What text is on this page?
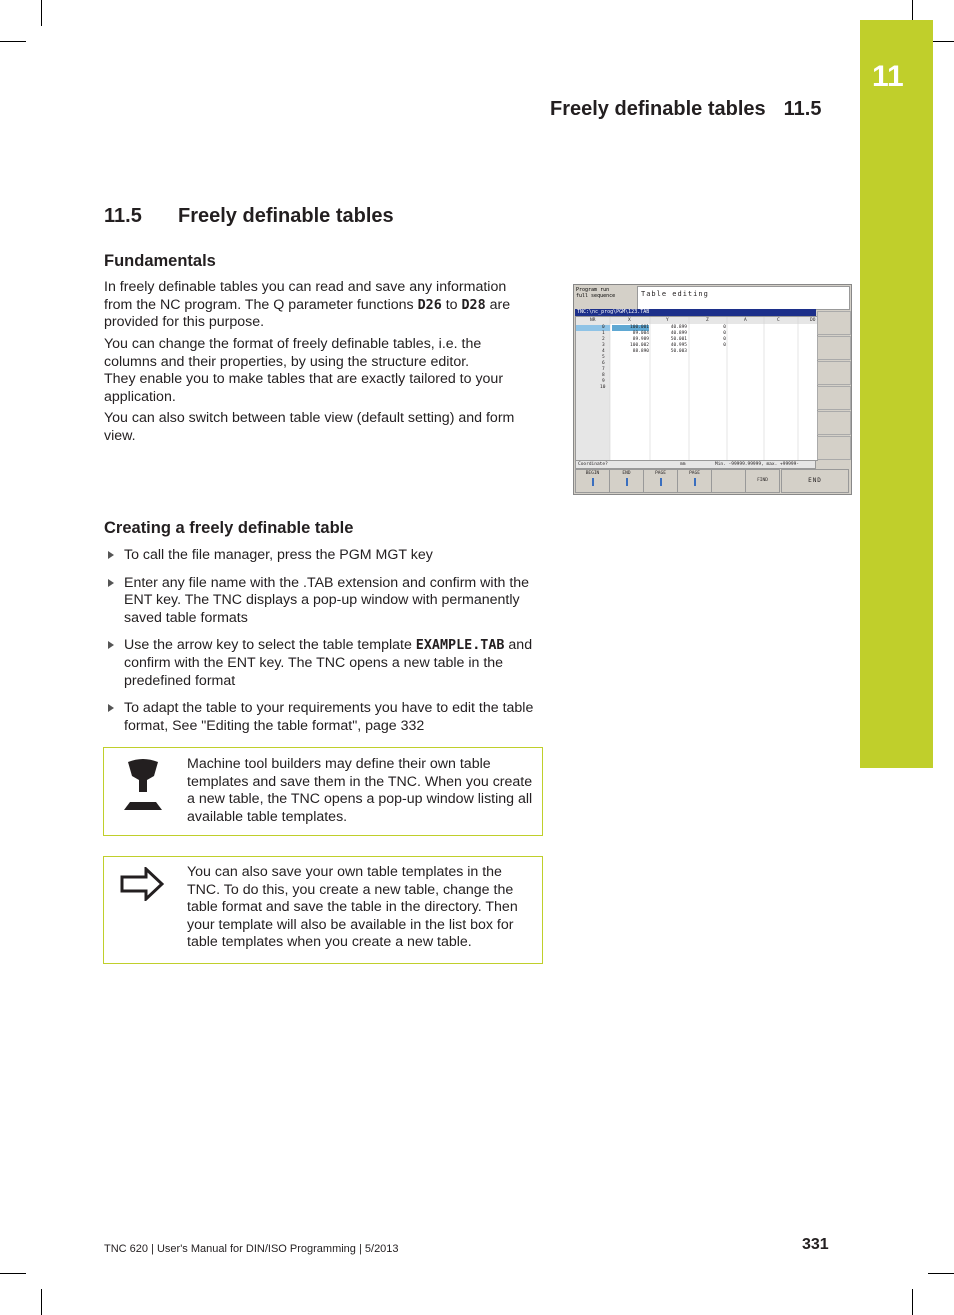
11
Freely definable tables 11.5
11.5 Freely definable tables
Fundamentals
In freely definable tables you can read and save any information from the NC program. The Q parameter functions D26 to D28 are provided for this purpose.
You can change the format of freely definable tables, i.e. the columns and their properties, by using the structure editor.
They enable you to make tables that are exactly tailored to your application.
You can also switch between table view (default setting) and form view.
Program run
full sequence	Table editing
TNC:\nc_prog\PGM\123.TAB
NR	X	Y	Z	A	C	DO
0	100.001	40.899	0
1	89.004	40.899	0
2	89.989	50.001	0
3	100.002	40.995	0
4	88.890	50.003
5
6
7
8
9
10
Coordinate?	mm	Min. -99999.99999, max. +99999-
BEGIN	END	PAGE	PAGE
FIND	END
Creating a freely definable table
To call the file manager, press the PGM MGT key
Enter any file name with the .TAB extension and confirm with the ENT key. The TNC displays a pop-up window with permanently saved table formats
Use the arrow key to select the table template EXAMPLE.TAB and confirm with the ENT key. The TNC opens a new table in the predefined format
To adapt the table to your requirements you have to edit the table format, See "Editing the table format", page 332
Machine tool builders may define their own table templates and save them in the TNC. When you create a new table, the TNC opens a pop-up window listing all available table templates.
You can also save your own table templates in the TNC. To do this, you create a new table, change the table format and save the table in the directory. Then your template will also be available in the list box for table templates when you create a new table.
TNC 620 | User's Manual for DIN/ISO Programming | 5/2013	331
